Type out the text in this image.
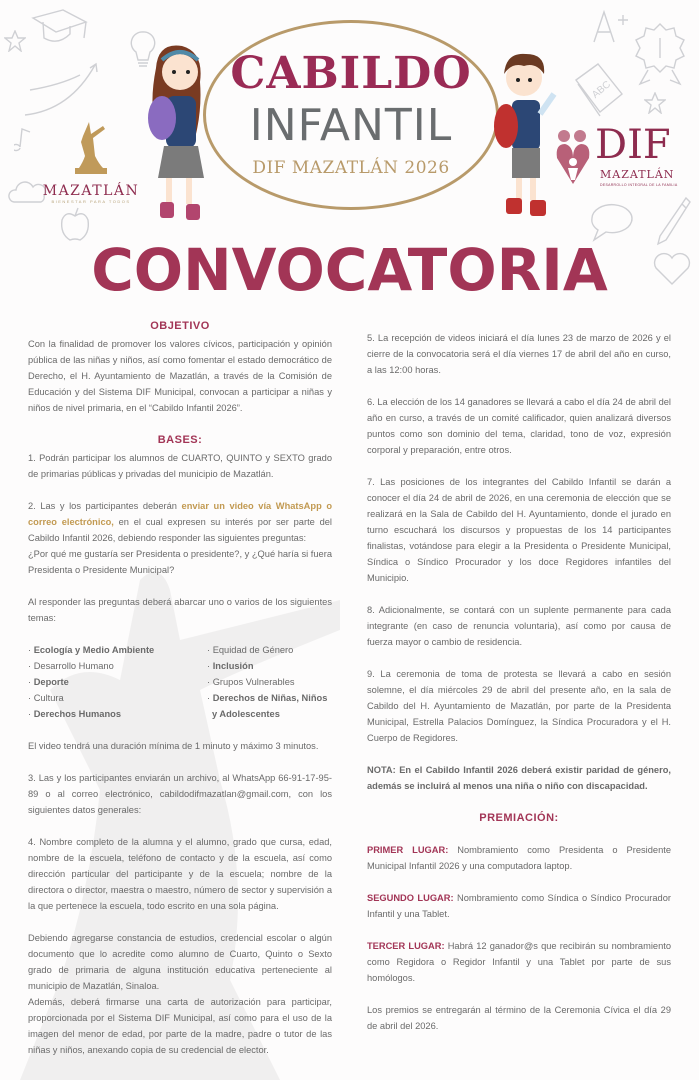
ABC
MAZATLÁN
BIENESTAR PARA TODOS
CABILDO
INFANTIL
DIF MAZATLÁN 2026	DIF
MAZATLÁN
DESARROLLO INTEGRAL DE LA FAMILIA
CONVOCATORIA
OBJETIVO

Con la finalidad de promover los valores cívicos, participación y opinión pública de las niñas y niños, así como fomentar el estado democrático de Derecho, el H. Ayuntamiento de Mazatlán, a través de la Comisión de Educación y del Sistema DIF Municipal, convocan a participar a niñas y niños de nivel primaria, en el “Cabildo Infantil 2026”.

BASES:

1. Podrán participar los alumnos de CUARTO, QUINTO y SEXTO grado de primarias públicas y privadas del municipio de Mazatlán.

2. Las y los participantes deberán enviar un video vía WhatsApp o correo electrónico, en el cual expresen su interés por ser parte del Cabildo Infantil 2026, debiendo responder las siguientes preguntas:

¿Por qué me gustaría ser Presidenta o presidente?, y ¿Qué haría si fuera Presidenta o Presidente Municipal?

Al responder las preguntas deberá abarcar uno o varios de los siguientes temas:

· Ecología y Medio Ambiente
· Desarrollo Humano
· Deporte
· Cultura
· Derechos Humanos
· Equidad de Género
· Inclusión
· Grupos Vulnerables
· Derechos de Niñas, Niños
y Adolescentes

El video tendrá una duración mínima de 1 minuto y máximo 3 minutos.

3. Las y los participantes enviarán un archivo, al WhatsApp 66-91-17-95-89 o al correo electrónico, cabildodifmazatlan@gmail.com, con los siguientes datos generales:

4. Nombre completo de la alumna y el alumno, grado que cursa, edad, nombre de la escuela, teléfono de contacto y de la escuela, así como dirección particular del participante y de la escuela; nombre de la directora o director, maestra o maestro, número de sector y supervisión a la que pertenece la escuela, todo escrito en una sola página.

Debiendo agregarse constancia de estudios, credencial escolar o algún documento que lo acredite como alumno de Cuarto, Quinto o Sexto grado de primaria de alguna institución educativa perteneciente al municipio de Mazatlán, Sinaloa.

Además, deberá firmarse una carta de autorización para participar, proporcionada por el Sistema DIF Municipal, así como para el uso de la imagen del menor de edad, por parte de la madre, padre o tutor de las niñas y niños, anexando copia de su credencial de elector.

5. La recepción de videos iniciará el día lunes 23 de marzo de 2026 y el cierre de la convocatoria será el día viernes 17 de abril del año en curso, a las 12:00 horas.

6. La elección de los 14 ganadores se llevará a cabo el día 24 de abril del año en curso, a través de un comité calificador, quien analizará diversos puntos como son dominio del tema, claridad, tono de voz, expresión corporal y preparación, entre otros.

7. Las posiciones de los integrantes del Cabildo Infantil se darán a conocer el día 24 de abril de 2026, en una ceremonia de elección que se realizará en la Sala de Cabildo del H. Ayuntamiento, donde el jurado en turno escuchará los discursos y propuestas de los 14 participantes finalistas, votándose para elegir a la Presidenta o Presidente Municipal, Síndica o Síndico Procurador y los doce Regidores infantiles del Municipio.

8. Adicionalmente, se contará con un suplente permanente para cada integrante (en caso de renuncia voluntaria), así como por causa de fuerza mayor o cambio de residencia.

9. La ceremonia de toma de protesta se llevará a cabo en sesión solemne, el día miércoles 29 de abril del presente año, en la sala de Cabildo del H. Ayuntamiento de Mazatlán, por parte de la Presidenta Municipal, Estrella Palacios Domínguez, la Síndica Procuradora y el H. Cuerpo de Regidores.

NOTA: En el Cabildo Infantil 2026 deberá existir paridad de género, además se incluirá al menos una niña o niño con discapacidad.

PREMIACIÓN:

PRIMER LUGAR: Nombramiento como Presidenta o Presidente Municipal Infantil 2026 y una computadora laptop.

SEGUNDO LUGAR: Nombramiento como Síndica o Síndico Procurador Infantil y una Tablet.

TERCER LUGAR: Habrá 12 ganador@s que recibirán su nombramiento como Regidora o Regidor Infantil y una Tablet por parte de sus homólogos.

Los premios se entregarán al término de la Ceremonia Cívica el día 29 de abril del 2026.
